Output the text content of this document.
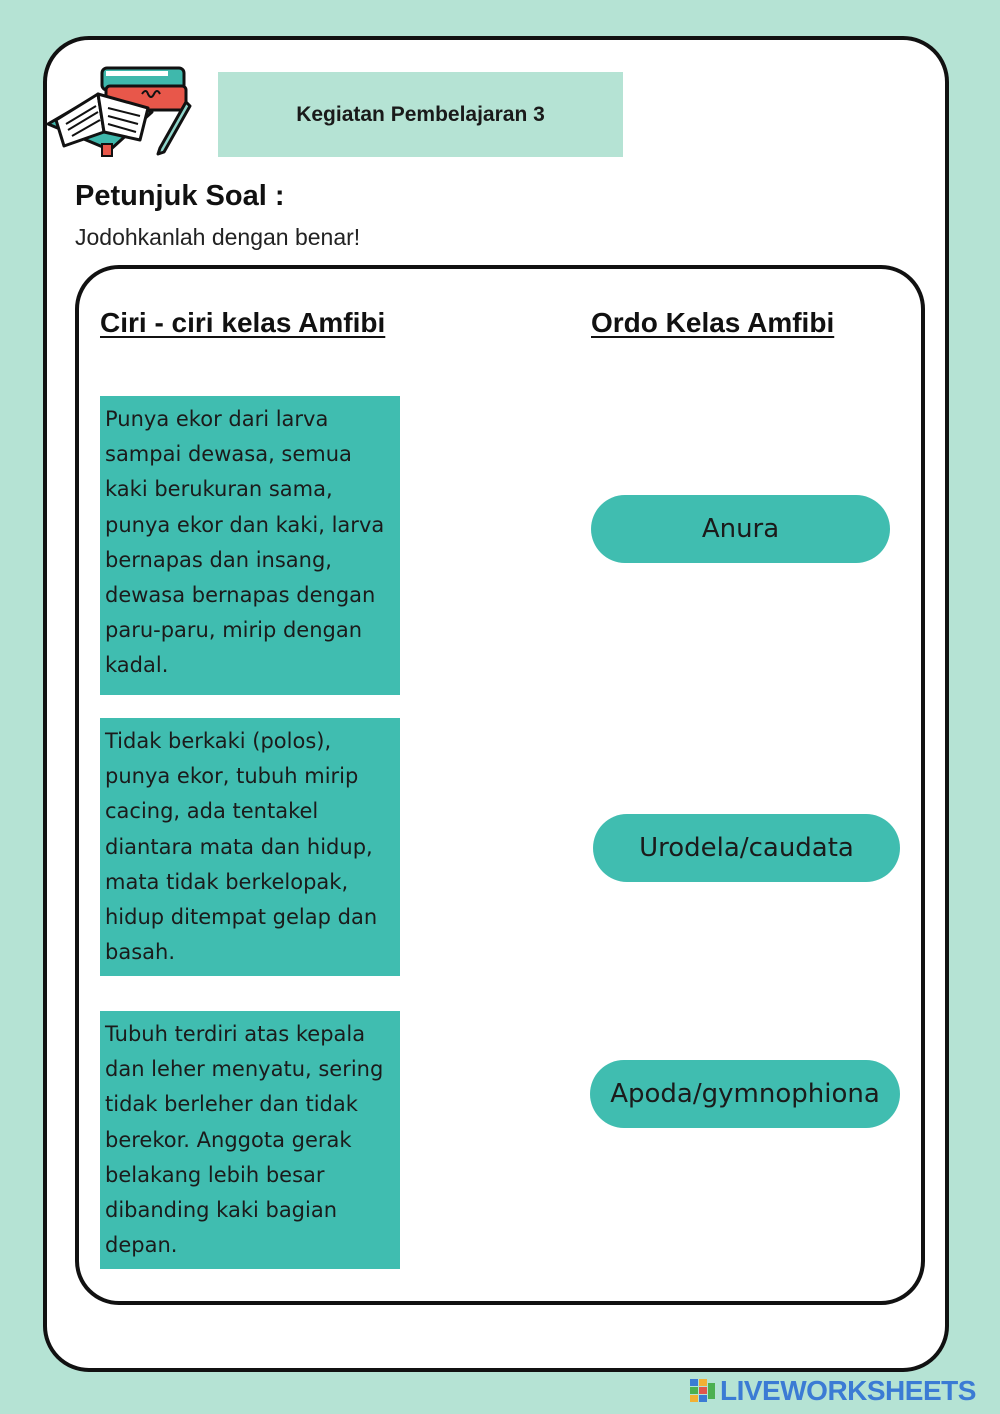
Kegiatan Pembelajaran 3
Petunjuk Soal :
Jodohkanlah dengan benar!
Ciri - ciri kelas Amfibi	Ordo Kelas Amfibi
Punya ekor dari larva sampai dewasa, semua kaki berukuran sama, punya ekor dan kaki, larva bernapas dan insang, dewasa bernapas dengan paru-paru, mirip dengan kadal.
Tidak berkaki (polos), punya ekor, tubuh mirip cacing, ada tentakel diantara mata dan hidup, mata tidak berkelopak, hidup ditempat gelap dan basah.
Tubuh terdiri atas kepala dan leher menyatu, sering tidak berleher dan tidak berekor. Anggota gerak belakang lebih besar dibanding kaki bagian depan.
Anura
Urodela/caudata
Apoda/gymnophiona
LIVEWORKSHEETS
